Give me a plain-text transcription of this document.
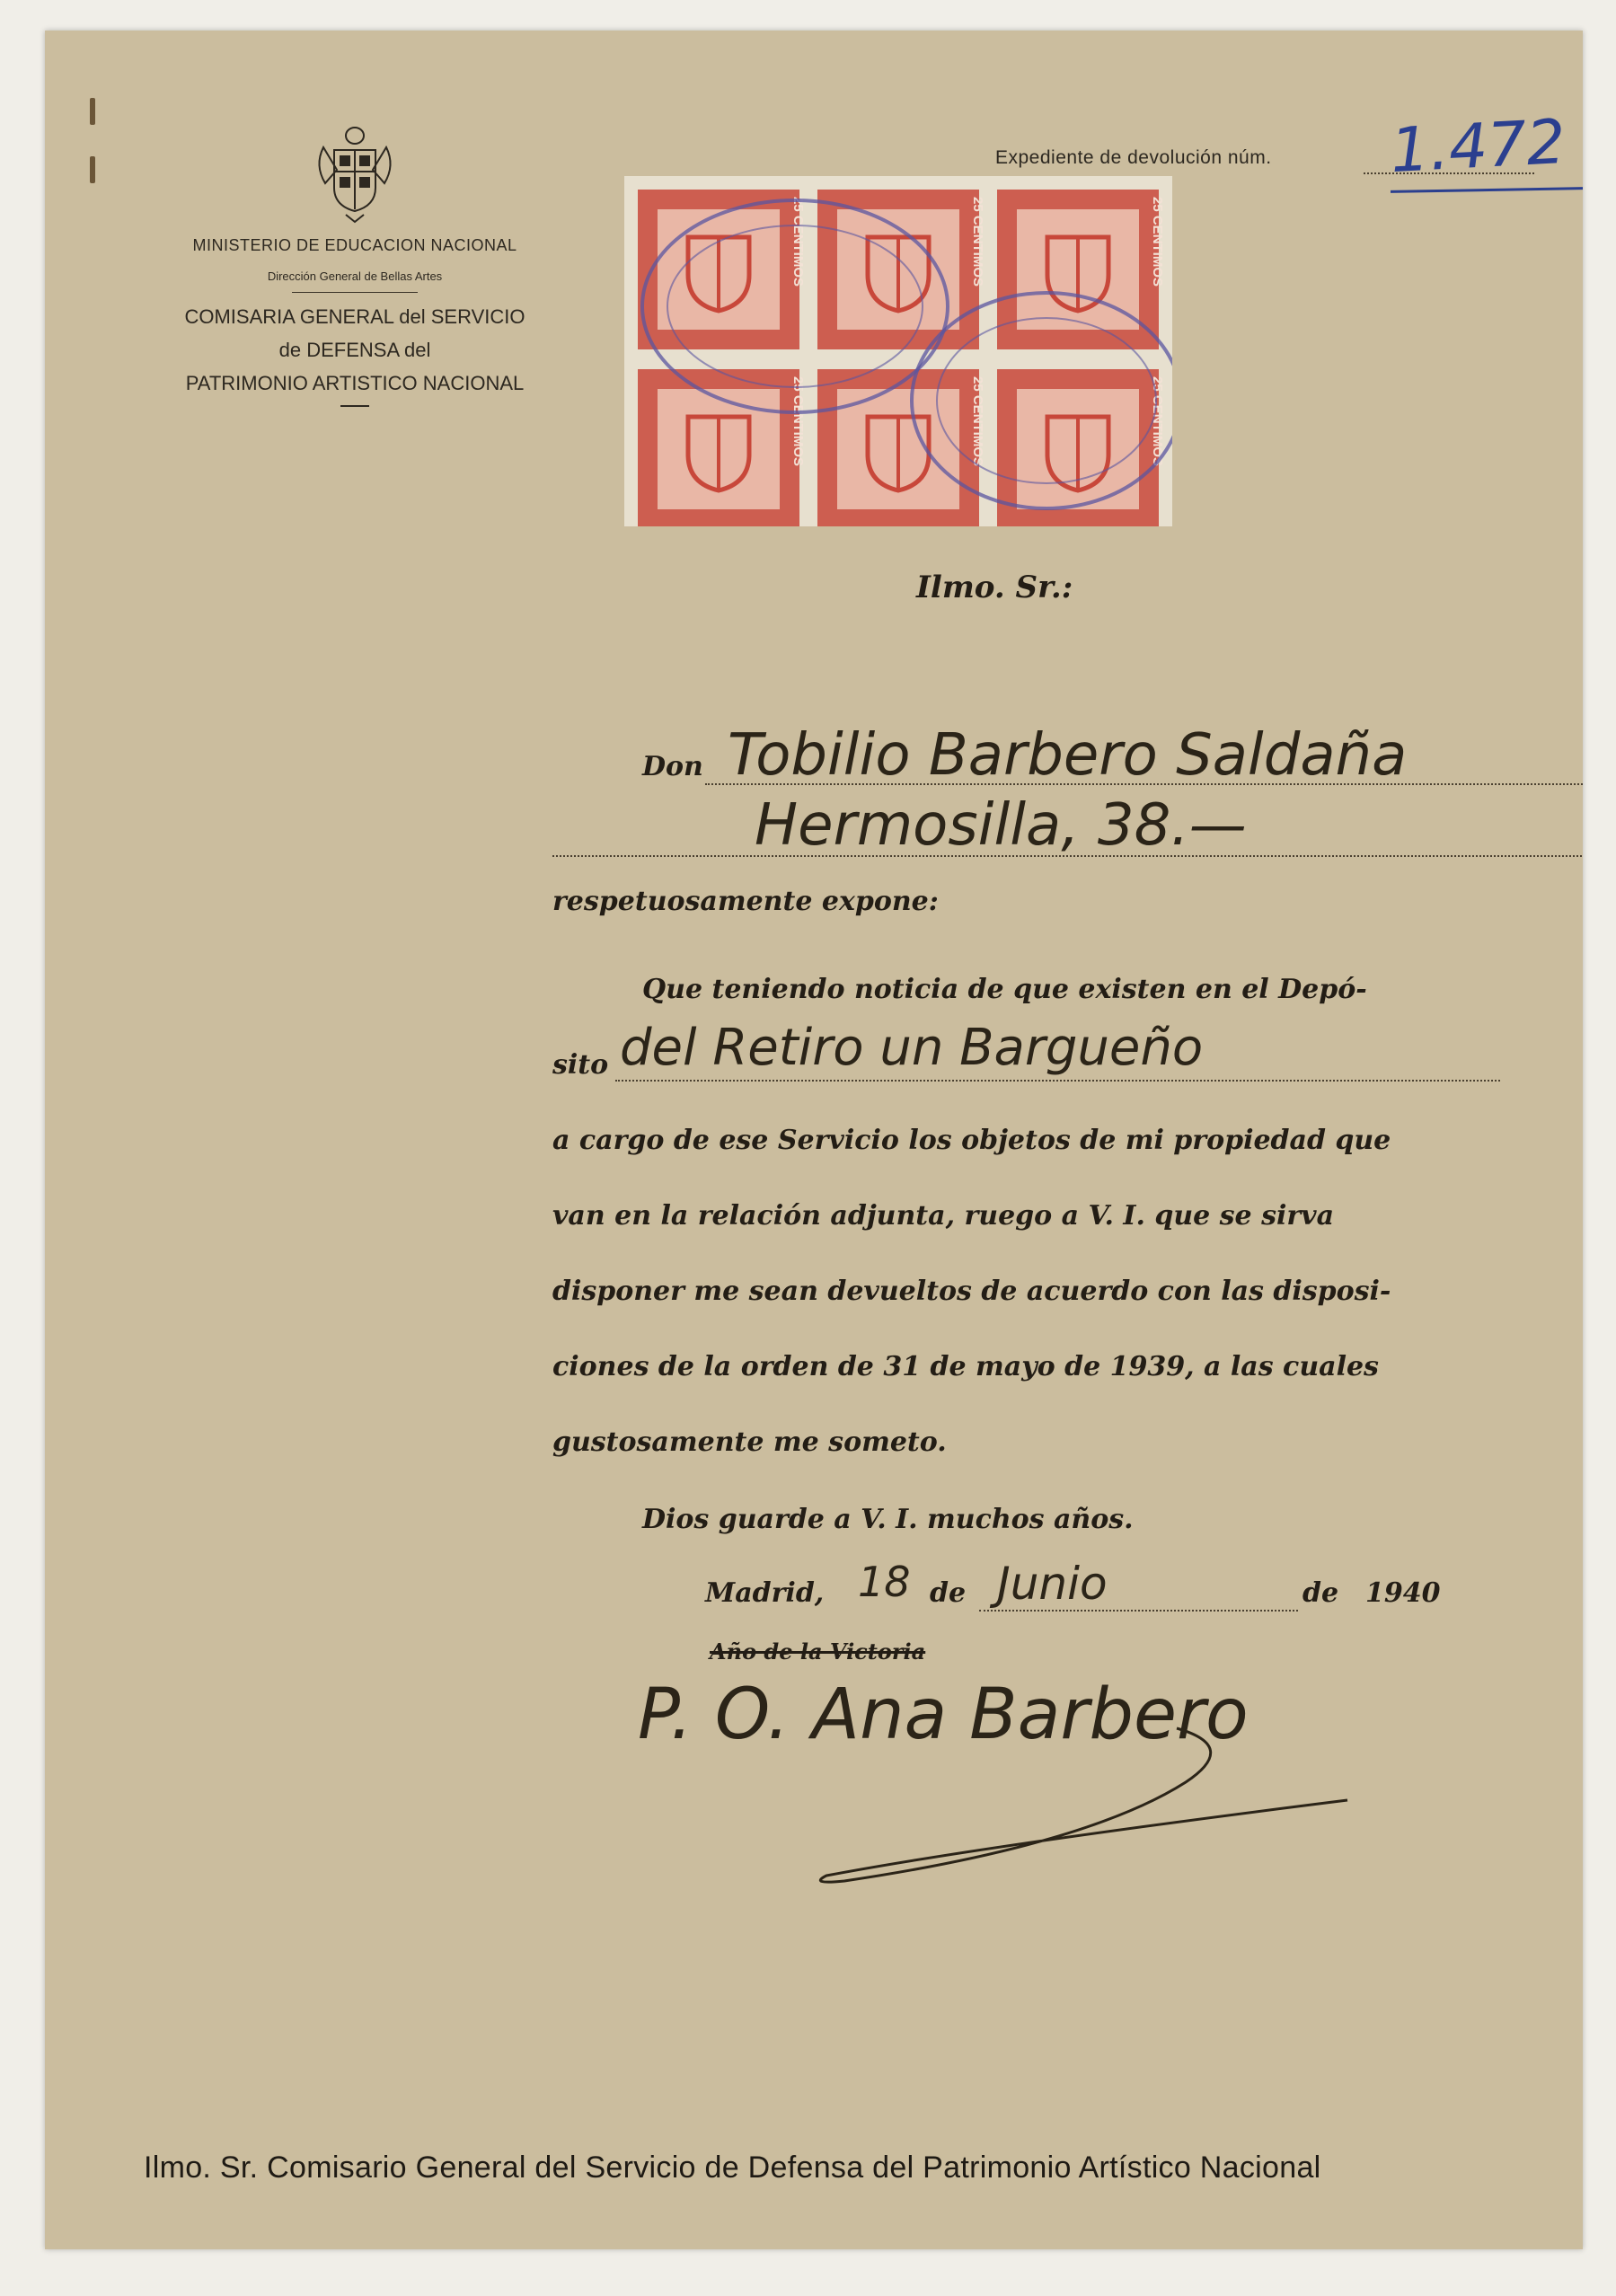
MINISTERIO DE EDUCACION NACIONAL
Dirección General de Bellas Artes
COMISARIA GENERAL del SERVICIO
de DEFENSA del
PATRIMONIO ARTISTICO NACIONAL
Expediente de devolución núm. 1.472
25 CENTIMOS	25 CENTIMOS	25 CENTIMOS
25 CENTIMOS	25 CENTIMOS	25 CENTIMOS
Ilmo. Sr.:
Don Tobilio Barbero Saldaña
Hermosilla, 38.—
respetuosamente expone:
Que teniendo noticia de que existen en el Depó-
sito del Retiro un Bargueño
a cargo de ese Servicio los objetos de mi propiedad que
van en la relación adjunta, ruego a V. I. que se sirva
disponer me sean devueltos de acuerdo con las disposi-
ciones de la orden de 31 de mayo de 1939, a las cuales
gustosamente me someto.
Dios guarde a V. I. muchos años.
Madrid, 18 de Junio	de 1940
Año de la Victoria
P. O. Ana Barbero
Ilmo. Sr. Comisario General del Servicio de Defensa del Patrimonio Artístico Nacional
